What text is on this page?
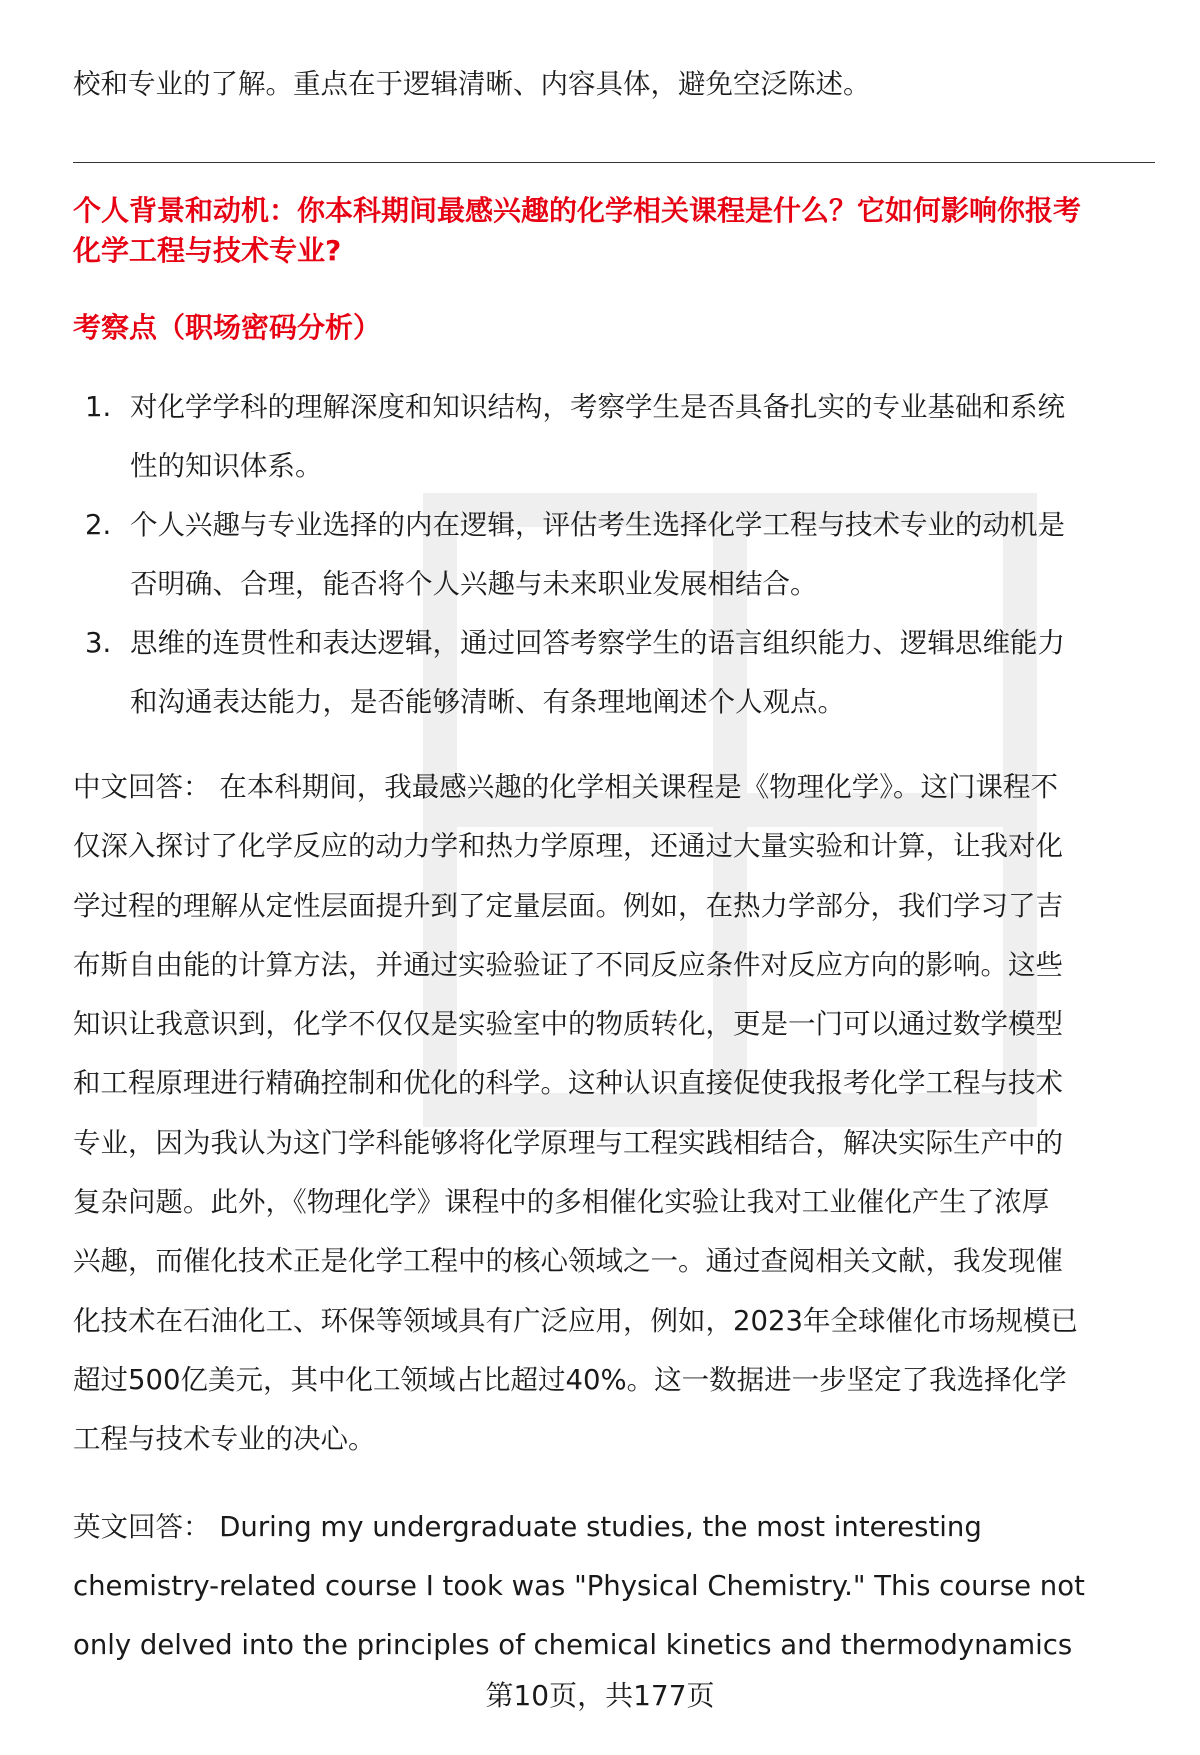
校和专业的了解。重点在于逻辑清晰、内容具体，避免空泛陈述。
个人背景和动机：你本科期间最感兴趣的化学相关课程是什么？它如何影响你报考
化学工程与技术专业?
考察点（职场密码分析）
1. 对化学学科的理解深度和知识结构，考察学生是否具备扎实的专业基础和系统
性的知识体系。
2. 个人兴趣与专业选择的内在逻辑，评估考生选择化学工程与技术专业的动机是
否明确、合理，能否将个人兴趣与未来职业发展相结合。
3. 思维的连贯性和表达逻辑，通过回答考察学生的语言组织能力、逻辑思维能力
和沟通表达能力，是否能够清晰、有条理地阐述个人观点。
中文回答： 在本科期间，我最感兴趣的化学相关课程是《物理化学》。这门课程不
仅深入探讨了化学反应的动力学和热力学原理，还通过大量实验和计算，让我对化
学过程的理解从定性层面提升到了定量层面。例如，在热力学部分，我们学习了吉
布斯自由能的计算方法，并通过实验验证了不同反应条件对反应方向的影响。这些
知识让我意识到，化学不仅仅是实验室中的物质转化，更是一门可以通过数学模型
和工程原理进行精确控制和优化的科学。这种认识直接促使我报考化学工程与技术
专业，因为我认为这门学科能够将化学原理与工程实践相结合，解决实际生产中的
复杂问题。此外，《物理化学》课程中的多相催化实验让我对工业催化产生了浓厚
兴趣，而催化技术正是化学工程中的核心领域之一。通过查阅相关文献，我发现催
化技术在石油化工、环保等领域具有广泛应用，例如，2023年全球催化市场规模已
超过500亿美元，其中化工领域占比超过40%。这一数据进一步坚定了我选择化学
工程与技术专业的决心。
英文回答： During my undergraduate studies, the most interesting
chemistry-related course I took was "Physical Chemistry." This course not
only delved into the principles of chemical kinetics and thermodynamics
第10页，共177页
